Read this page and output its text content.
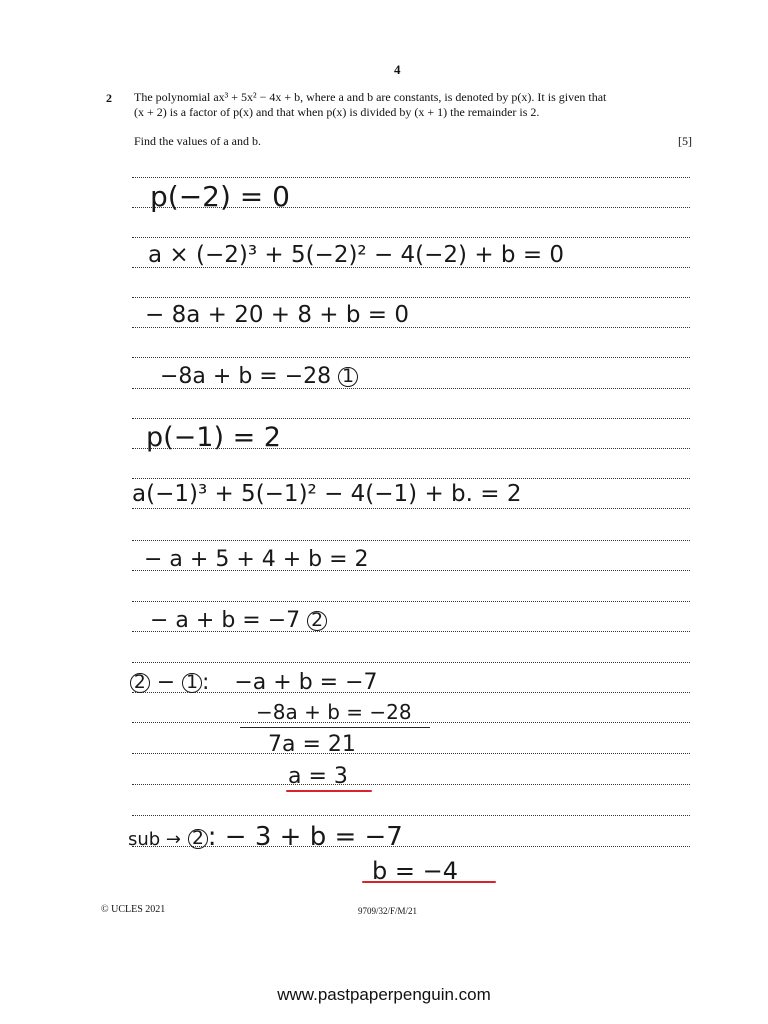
4
2 The polynomial ax³ + 5x² − 4x + b, where a and b are constants, is denoted by p(x). It is given that
(x + 2) is a factor of p(x) and that when p(x) is divided by (x + 1) the remainder is 2.
Find the values of a and b.	[5]
p(−2) = 0
a × (−2)³ + 5(−2)² − 4(−2) + b = 0
− 8a + 20 + 8 + b = 0
−8a + b = −28 1
p(−1) = 2
a(−1)³ + 5(−1)² − 4(−1) + b. = 2
− a + 5 + 4 + b = 2
− a + b = −7 2
2 − 1 : −a + b = −7
−8a + b = −28
7a = 21
a = 3
sub → 2 : − 3 + b = −7
b = −4
© UCLES 2021	9709/32/F/M/21
www.pastpaperpenguin.com
